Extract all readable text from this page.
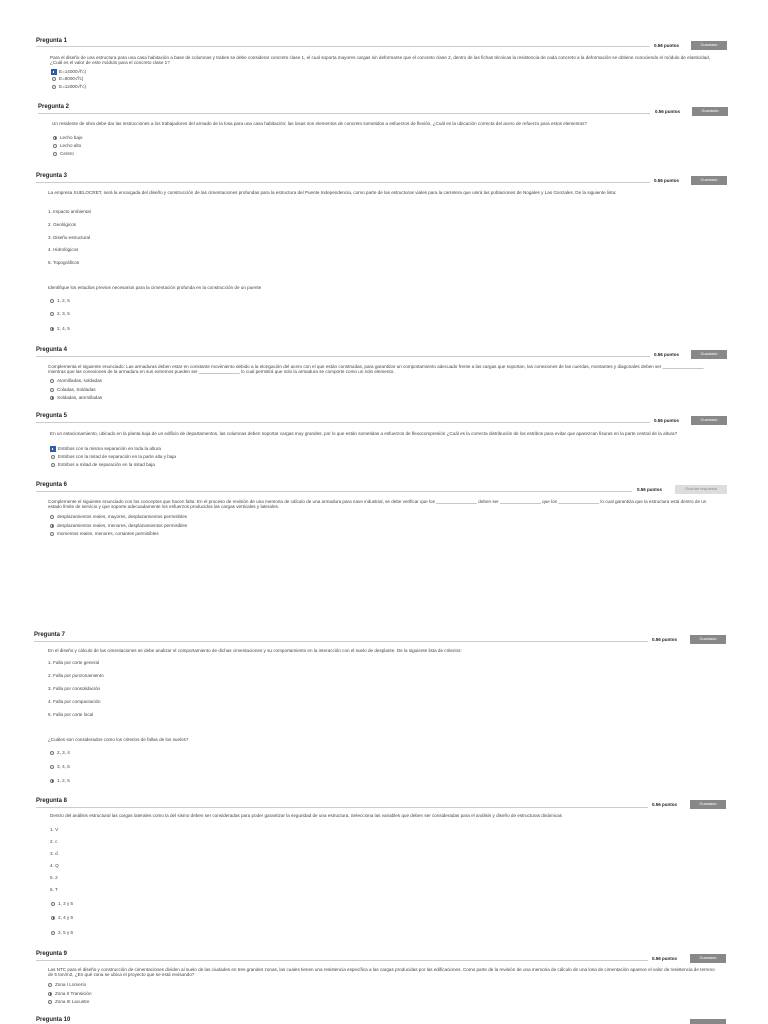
Pregunta 1
0.56 puntos	Guardado
Para el diseño de una estructura para una casa habitación a base de columnas y trabes se debe considerar concreto clase 1, el cual soporta mayores cargas sin deformarse que el concreto clase 2, dentro de las fichas técnicas la resistencia de cada concreto a la deformación se obtiene conociendo el módulo de elasticidad, ¿Cuál es el valor de este módulo para el concreto clase 1?
E=14000√f'c)
E=8000√f'c)
E=12000√f'c)
Pregunta 2
0.56 puntos	Guardado
Un residente de obra debe dar las instrucciones a los trabajadores del armado de la losa para una casa habitación; las losas son elementos de concreto sometidos a esfuerzos de flexión, ¿Cuál es la ubicación correcta del acero de refuerzo para estos elementos?
Lecho bajo
Lecho alto
Centro
Pregunta 3
0.56 puntos	Guardado
La empresa SUELOCRET, será la encargada del diseño y construcción de las cimentaciones profundas para la estructura del Puente Independencia, como parte de las estructuras viales para la carretera que unirá las poblaciones de Nogales y Las Gonzales. De la siguiente lista:
1. Impacto ambiental
2. Geológicos
3. Diseño estructural
4. Hidrológicos
5. Topográficos
Identifique los estudios previos necesarios para la cimentación profunda en la construcción de un puente
1, 2, 5
2, 3, 5
2, 4, 5
Pregunta 4
0.56 puntos	Guardado
Complementa el siguiente enunciado: Las armaduras deben estar en constante movimiento debido a la elongación del acero con el que están construidas, para garantizar un comportamiento adecuado frente a las cargas que soportan, las conexiones de las cuerdas, montantes y diagonales deben ser ________________ mientras que las conexiones de la armadura en sus extremos pueden ser ________________ lo cual permitirá que solo la armadura se comporte como un solo elemento.
Atornilladas, soldadas
Coladas, Soldadas
Soldadas, atornilladas
Pregunta 5
0.56 puntos	Guardado
En un estacionamiento, ubicado en la planta baja de un edificio de departamentos, las columnas deben soportar cargas muy grandes, por lo que están sometidas a esfuerzos de flexocompresión ¿Cuál es la correcta distribución de los estribos para evitar que aparezcan fisuras en la parte central de la altura?
Estribos con la misma separación en toda la altura
Estribos con la mitad de separación en la parte alta y baja
Estribos a mitad de separación en la mitad baja
Pregunta 6
0.56 puntos	Guardar respuesta
Complemente el siguiente enunciado con los conceptos que hacen falta: En el proceso de revisión de una memoria de cálculo de una armadura para nave industrial, se debe verificar que los ________________ deben ser ________________ que los ________________ lo cual garantiza que la estructura está dentro de un estado límite de servicio y que soporte adecuadamente los esfuerzos producidos las cargas verticales y laterales.
desplazamientos reales, mayores, desplazamientos permisibles
desplazamientos reales, menores, desplazamientos permisibles
momentos reales, menores, cortantes permisibles
Pregunta 7
0.56 puntos	Guardado
En el diseño y cálculo de las cimentaciones se debe analizar el comportamiento de dichas cimentaciones y su comportamiento en la interacción con el suelo de desplante. De la siguiente lista de criterios:
1. Falla por corte general
2. Falla por punzonamiento
3. Falla por consolidación
4. Falla por compactación
5. Falla por corte local
¿Cuáles son considerados como los criterios de fallas de los suelos?
2, 3, 4
3, 4, 5
1, 2, 5
Pregunta 8
0.56 puntos	Guardado
Dentro del análisis estructural las cargas laterales como la del sismo deben ser consideradas para poder garantizar la seguridad de una estructura. Selecciona las variables que deben ser consideradas para el análisis y diseño de estructuras dinámicas
1. V
2. c
3. d
4. Q
5. 2
6. T
1, 3 y 5
2, 4 y 6
2, 5 y 6
Pregunta 9
0.56 puntos	Guardado
Las NTC para el diseño y construcción de cimentaciones dividen al suelo de las ciudades en tres grandes zonas, las cuales tienen una resistencia específica a las cargas producidas por las edificaciones. Como parte de la revisión de una memoria de cálculo de una losa de cimentación aparece el valor de resistencia de terreno de 5 ton/m2, ¿En qué zona se ubica el proyecto que se está revisando?
Zona I Lomerío
Zona II Transición
Zona III Lacustre
Pregunta 10
